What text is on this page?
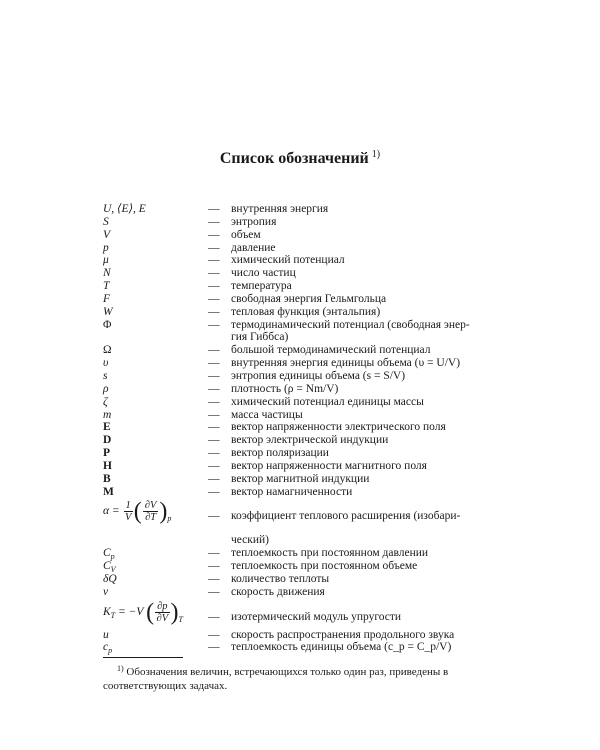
Список обозначений $^{1)}$
U, ⟨E⟩, E	—	внутренняя энергия
S	—	энтропия
V	—	объем
p	—	давление
μ	—	химический потенциал
N	—	число частиц
T	—	температура
F	—	свободная энергия Гельмгольца
W	—	тепловая функция (энтальпия)
Φ	—	термодинамический потенциал (свободная энер-
гия Гиббса)
Ω	—	большой термодинамический потенциал
υ	—	внутренняя энергия единицы объема (υ = U/V)
s	—	энтропия единицы объема (s = S/V)
ρ	—	плотность (ρ = Nm/V)
ζ	—	химический потенциал единицы массы
m	—	масса частицы
E	—	вектор напряженности электрического поля
D	—	вектор электрической индукции
P	—	вектор поляризации
H	—	вектор напряженности магнитного поля
B	—	вектор магнитной индукции
M	—	вектор намагниченности
$\alpha = \frac{1}{V}$ ( $\frac{\partial V}{\partial T} )_p$	—	коэффициент теплового расширения (изобари-
ческий)
$C_p$	—	теплоемкость при постоянном давлении
$C_V$	—	теплоемкость при постоянном объеме
δQ	—	количество теплоты
v	—	скорость движения
$K_T = -V$ ( $\frac{\partial p}{\partial V} )_T$	—	изотермический модуль упругости
u	—	скорость распространения продольного звука
$c_p$	—	теплоемкость единицы объема (c_p = C_p/V)
$^{1)}$ Обозначения величин, встречающихся только один раз, приведены в соответствующих задачах.
